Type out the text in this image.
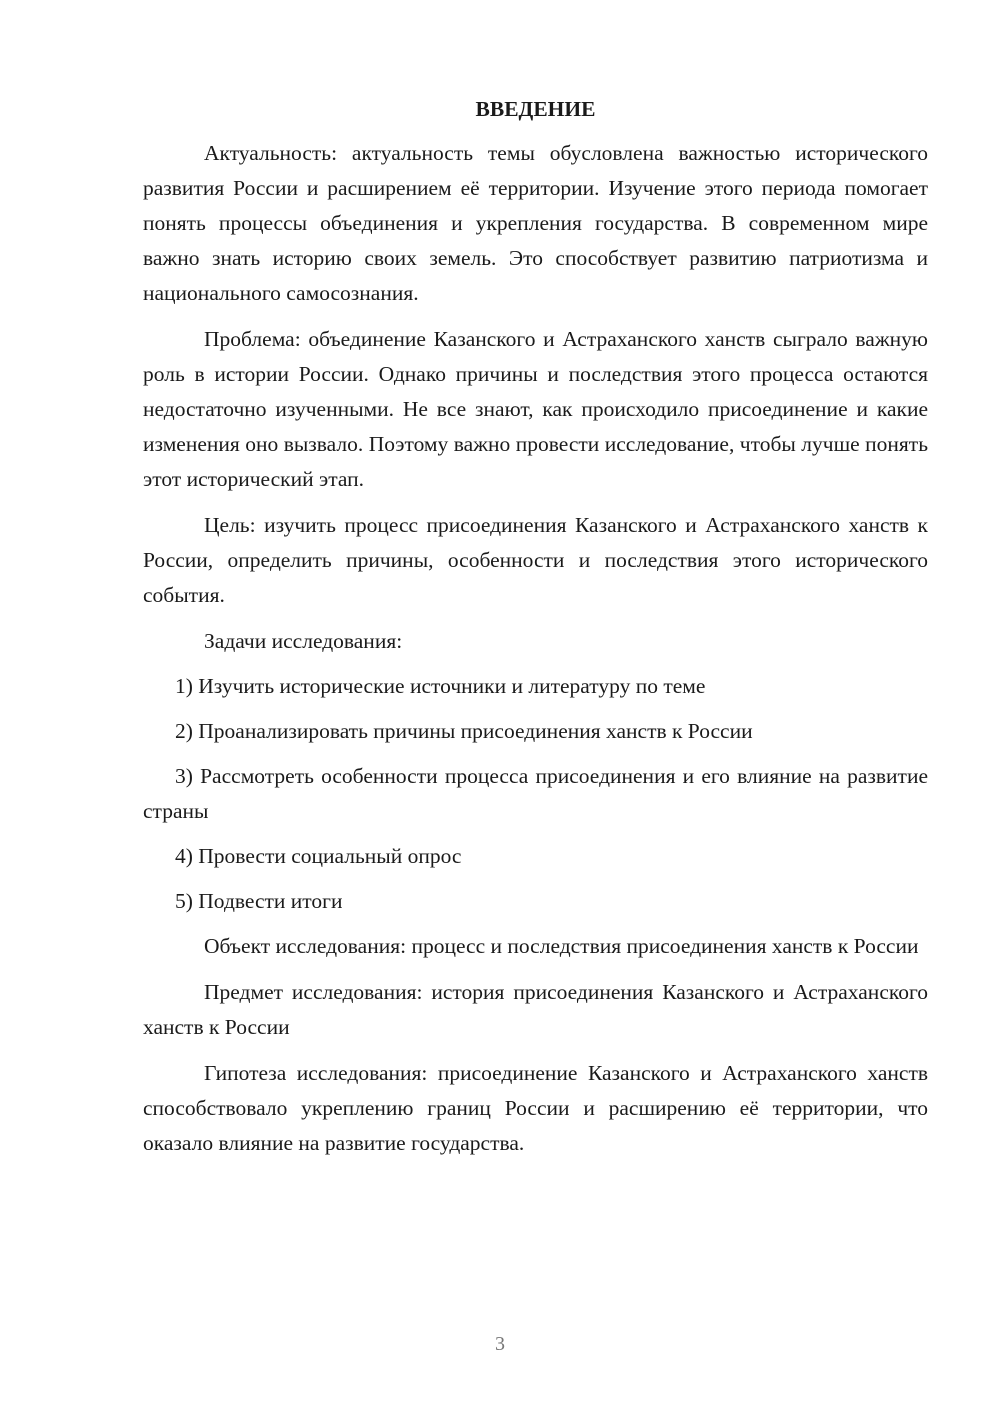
ВВЕДЕНИЕ

Актуальность: актуальность темы обусловлена важностью исторического развития России и расширением её территории. Изучение этого периода помогает понять процессы объединения и укрепления государства. В современном мире важно знать историю своих земель. Это способствует развитию патриотизма и национального самосознания.

Проблема: объединение Казанского и Астраханского ханств сыграло важную роль в истории России. Однако причины и последствия этого процесса остаются недостаточно изученными. Не все знают, как происходило присоединение и какие изменения оно вызвало. Поэтому важно провести исследование, чтобы лучше понять этот исторический этап.

Цель: изучить процесс присоединения Казанского и Астраханского ханств к России, определить причины, особенности и последствия этого исторического события.

Задачи исследования:

1) Изучить исторические источники и литературу по теме

2) Проанализировать причины присоединения ханств к России

3) Рассмотреть особенности процесса присоединения и его влияние на развитие страны

4) Провести социальный опрос

5) Подвести итоги

Объект исследования: процесс и последствия присоединения ханств к России

Предмет исследования: история присоединения Казанского и Астраханского ханств к России

Гипотеза исследования: присоединение Казанского и Астраханского ханств способствовало укреплению границ России и расширению её территории, что оказало влияние на развитие государства.

3
